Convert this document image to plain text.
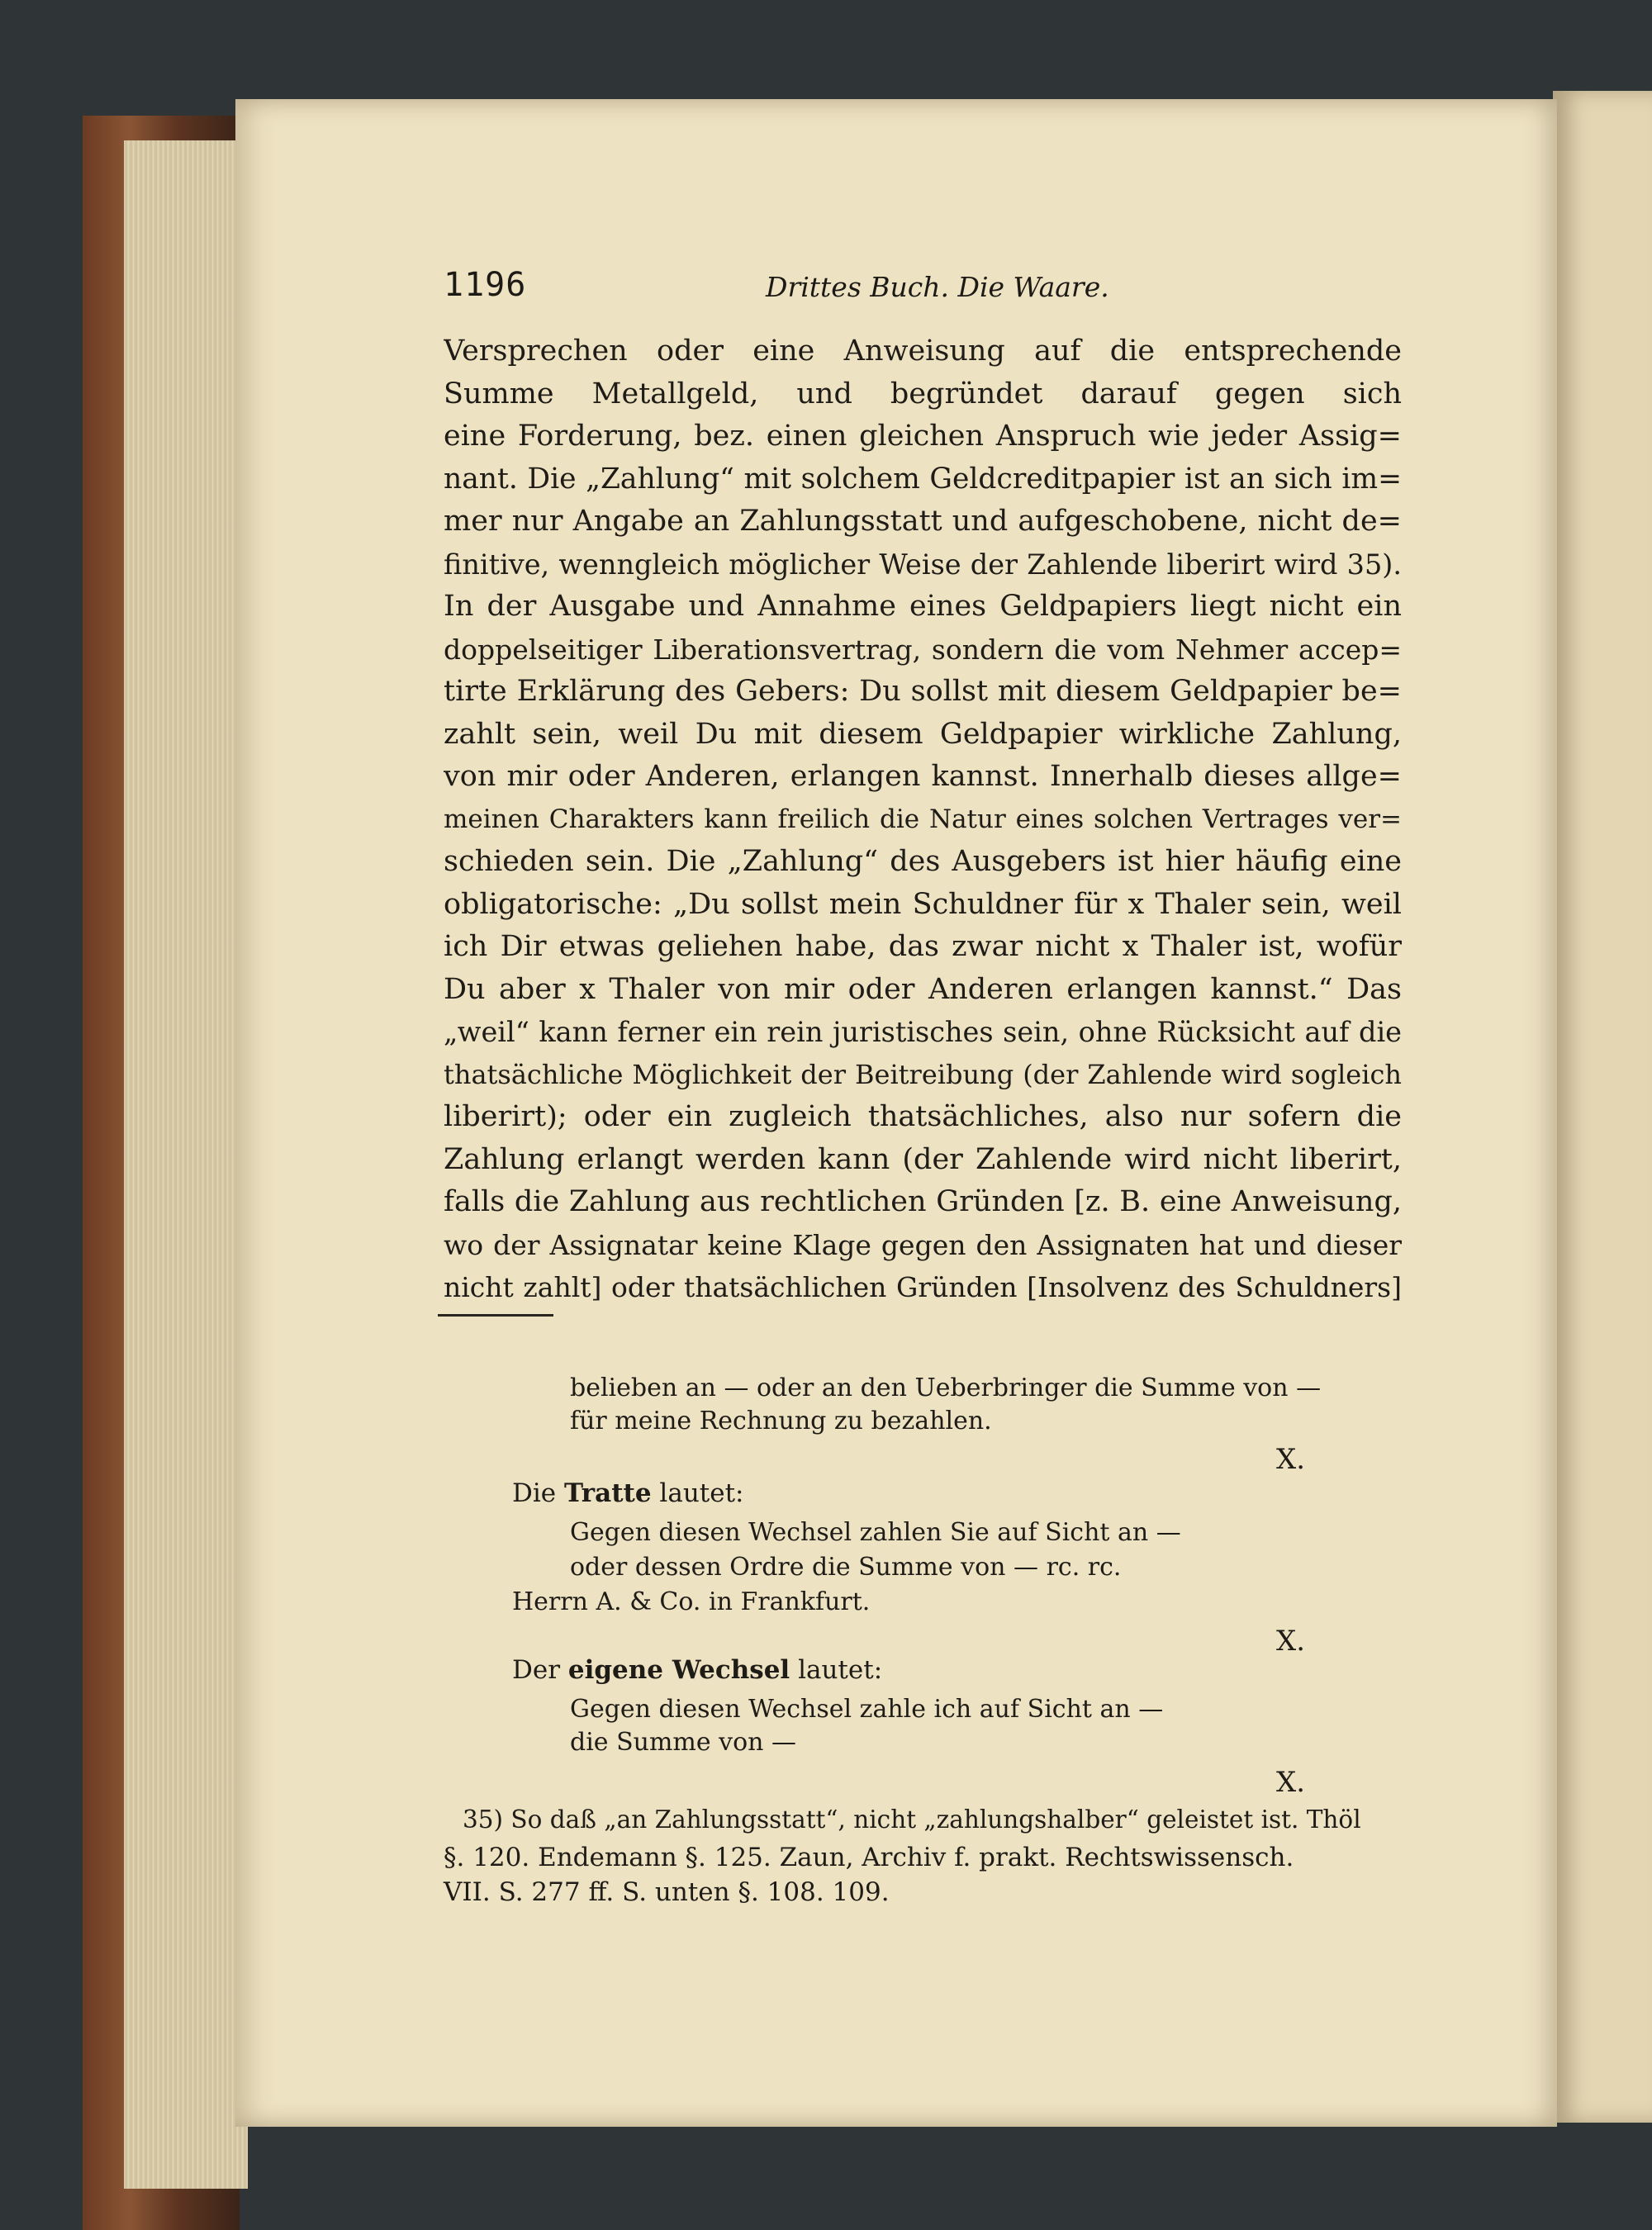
1196	Drittes Buch. Die Waare.
Versprechen oder eine Anweisung auf die entsprechende
Summe Metallgeld, und begründet darauf gegen sich
eine Forderung, bez. einen gleichen Anspruch wie jeder Assig=
nant. Die „Zahlung“ mit solchem Geldcreditpapier ist an sich im=
mer nur Angabe an Zahlungsstatt und aufgeschobene, nicht de=
finitive, wenngleich möglicher Weise der Zahlende liberirt wird 35).
In der Ausgabe und Annahme eines Geldpapiers liegt nicht ein
doppelseitiger Liberationsvertrag, sondern die vom Nehmer accep=
tirte Erklärung des Gebers: Du sollst mit diesem Geldpapier be=
zahlt sein, weil Du mit diesem Geldpapier wirkliche Zahlung,
von mir oder Anderen, erlangen kannst. Innerhalb dieses allge=
meinen Charakters kann freilich die Natur eines solchen Vertrages ver=
schieden sein. Die „Zahlung“ des Ausgebers ist hier häufig eine
obligatorische: „Du sollst mein Schuldner für x Thaler sein, weil
ich Dir etwas geliehen habe, das zwar nicht x Thaler ist, wofür
Du aber x Thaler von mir oder Anderen erlangen kannst.“ Das
„weil“ kann ferner ein rein juristisches sein, ohne Rücksicht auf die
thatsächliche Möglichkeit der Beitreibung (der Zahlende wird sogleich
liberirt); oder ein zugleich thatsächliches, also nur sofern die
Zahlung erlangt werden kann (der Zahlende wird nicht liberirt,
falls die Zahlung aus rechtlichen Gründen [z. B. eine Anweisung,
wo der Assignatar keine Klage gegen den Assignaten hat und dieser
nicht zahlt] oder thatsächlichen Gründen [Insolvenz des Schuldners]
belieben an — oder an den Ueberbringer die Summe von —
für meine Rechnung zu bezahlen.
X.
Die Tratte lautet:
Gegen diesen Wechsel zahlen Sie auf Sicht an —
oder dessen Ordre die Summe von — rc. rc.
Herrn A. & Co. in Frankfurt.
X.
Der eigene Wechsel lautet:
Gegen diesen Wechsel zahle ich auf Sicht an —
die Summe von —
X.
35) So daß „an Zahlungsstatt“, nicht „zahlungshalber“ geleistet ist. Thöl
§. 120. Endemann §. 125. Zaun, Archiv f. prakt. Rechtswissensch.
VII. S. 277 ff. S. unten §. 108. 109.
